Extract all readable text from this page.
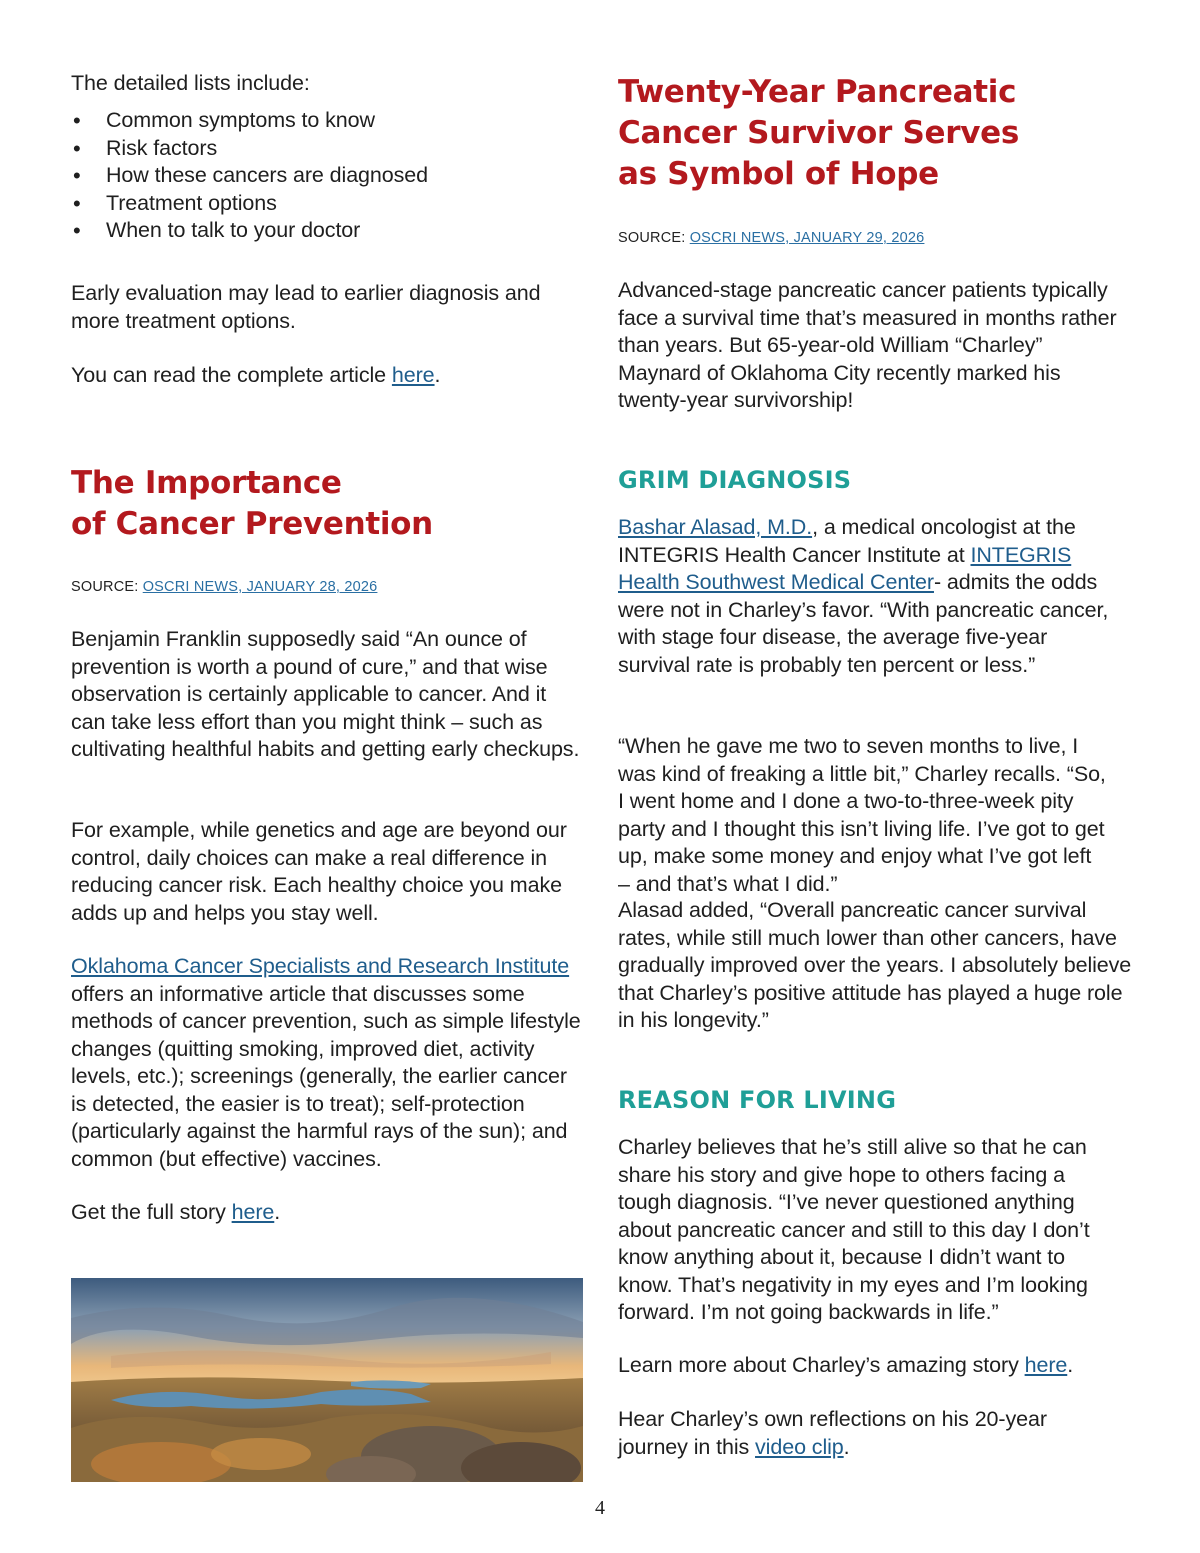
The detailed lists include:

• Common symptoms to know
• Risk factors
• How these cancers are diagnosed
• Treatment options
• When to talk to your doctor

Early evaluation may lead to earlier diagnosis and more treatment options.

You can read the complete article here.

The Importance
of Cancer Prevention

SOURCE: OSCRI NEWS, JANUARY 28, 2026

Benjamin Franklin supposedly said “An ounce of prevention is worth a pound of cure,” and that wise observation is certainly applicable to cancer. And it can take less effort than you might think – such as cultivating healthful habits and getting early checkups.

For example, while genetics and age are beyond our control, daily choices can make a real difference in reducing cancer risk. Each healthy choice you make adds up and helps you stay well.

Oklahoma Cancer Specialists and Research Institute offers an informative article that discusses some methods of cancer prevention, such as simple lifestyle changes (quitting smoking, improved diet, activity levels, etc.); screenings (generally, the earlier cancer is detected, the easier is to treat); self-protection (particularly against the harmful rays of the sun); and common (but effective) vaccines.

Get the full story here.

Twenty-Year Pancreatic
Cancer Survivor Serves
as Symbol of Hope

SOURCE: OSCRI NEWS, JANUARY 29, 2026

Advanced-stage pancreatic cancer patients typically face a survival time that’s measured in months rather than years. But 65-year-old William “Charley” Maynard of Oklahoma City recently marked his twenty-year survivorship!

GRIM DIAGNOSIS

Bashar Alasad, M.D., a medical oncologist at the INTEGRIS Health Cancer Institute at INTEGRIS Health Southwest Medical Center- admits the odds were not in Charley’s favor. “With pancreatic cancer, with stage four disease, the average five-year survival rate is probably ten percent or less.”

“When he gave me two to seven months to live, I was kind of freaking a little bit,” Charley recalls. “So, I went home and I done a two-to-three-week pity party and I thought this isn’t living life. I’ve got to get up, make some money and enjoy what I’ve got left – and that’s what I did.”

Alasad added, “Overall pancreatic cancer survival rates, while still much lower than other cancers, have gradually improved over the years. I absolutely believe that Charley’s positive attitude has played a huge role in his longevity.”

REASON FOR LIVING

Charley believes that he’s still alive so that he can share his story and give hope to others facing a tough diagnosis. “I’ve never questioned anything about pancreatic cancer and still to this day I don’t know anything about it, because I didn’t want to know. That’s negativity in my eyes and I’m looking forward. I’m not going backwards in life.”

Learn more about Charley’s amazing story here.

Hear Charley’s own reflections on his 20-year journey in this video clip.

4
